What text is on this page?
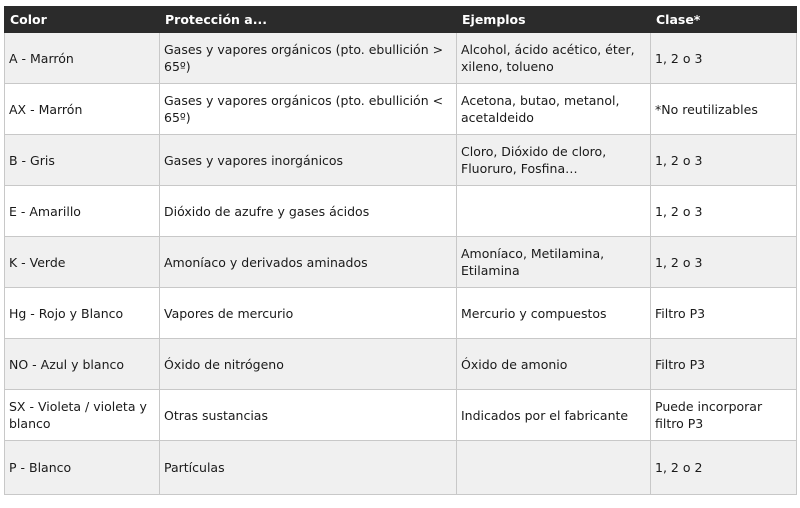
Color	Protección a...	Ejemplos	Clase*
A - Marrón	Gases y vapores orgánicos (pto. ebullición > 65º)	Alcohol, ácido acético, éter, xileno, tolueno	1, 2 o 3
AX - Marrón	Gases y vapores orgánicos (pto. ebullición < 65º)	Acetona, butao, metanol, acetaldeido	*No reutilizables
B - Gris	Gases y vapores inorgánicos	Cloro, Dióxido de cloro, Fluoruro, Fosfina…	1, 2 o 3
E - Amarillo	Dióxido de azufre y gases ácidos		1, 2 o 3
K - Verde	Amoníaco y derivados aminados	Amoníaco, Metilamina, Etilamina	1, 2 o 3
Hg - Rojo y Blanco	Vapores de mercurio	Mercurio y compuestos	Filtro P3
NO - Azul y blanco	Óxido de nitrógeno	Óxido de amonio	Filtro P3
SX - Violeta / violeta y blanco	Otras sustancias	Indicados por el fabricante	Puede incorporar filtro P3
P - Blanco	Partículas		1, 2 o 2
